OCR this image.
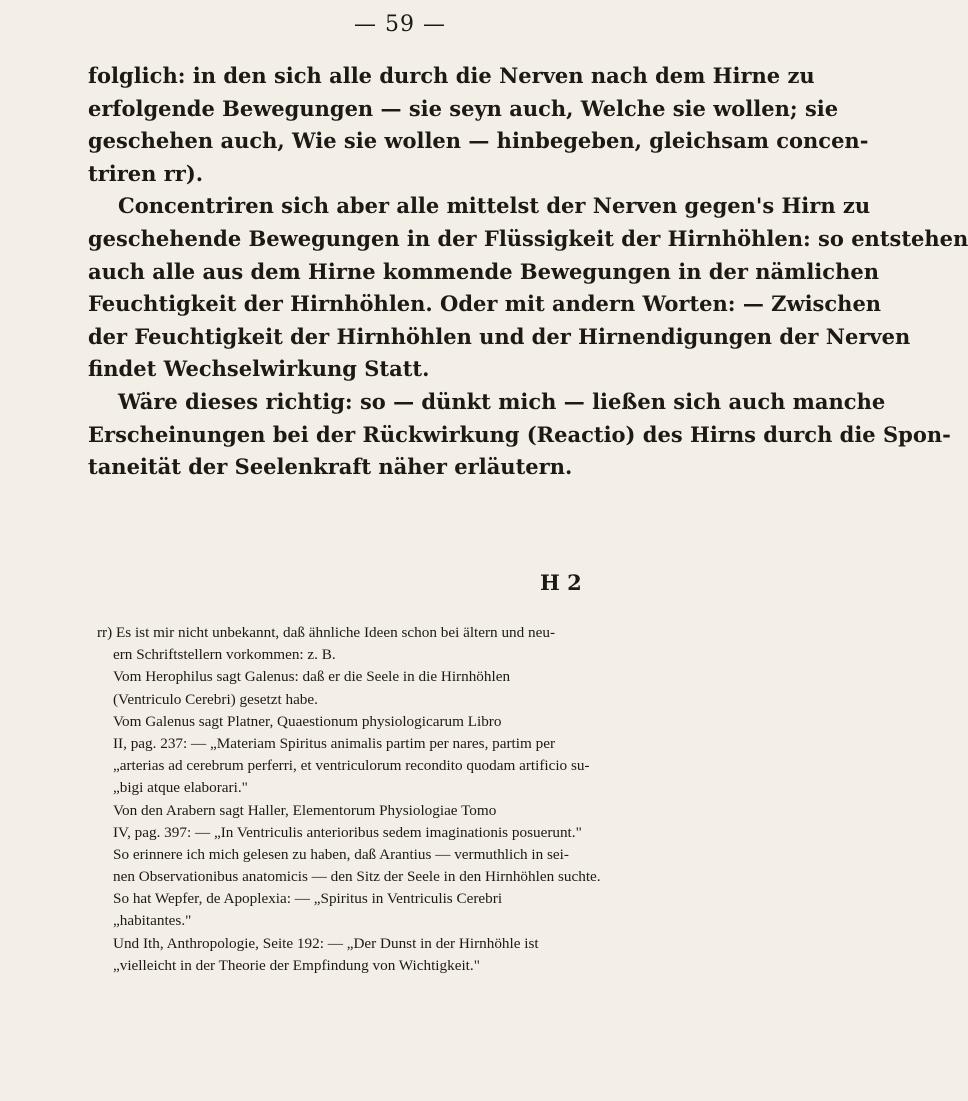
— 59 —
folglich: in den sich alle durch die Nerven nach dem Hirne zu
erfolgende Bewegungen — sie seyn auch, Welche sie wollen; sie
geschehen auch, Wie sie wollen — hinbegeben, gleichsam concen-
triren rr).
Concentriren sich aber alle mittelst der Nerven gegen's Hirn zu
geschehende Bewegungen in der Flüssigkeit der Hirnhöhlen: so entstehen
auch alle aus dem Hirne kommende Bewegungen in der nämlichen
Feuchtigkeit der Hirnhöhlen. Oder mit andern Worten: — Zwischen
der Feuchtigkeit der Hirnhöhlen und der Hirnendigungen der Nerven
findet Wechselwirkung Statt.
Wäre dieses richtig: so — dünkt mich — ließen sich auch manche
Erscheinungen bei der Rückwirkung (Reactio) des Hirns durch die Spon-
taneität der Seelenkraft näher erläutern.
H 2
rr) Es ist mir nicht unbekannt, daß ähnliche Ideen schon bei ältern und neu-
ern Schriftstellern vorkommen: z. B.
Vom Herophilus sagt Galenus: daß er die Seele in die Hirnhöhlen
(Ventriculo Cerebri) gesetzt habe.
Vom Galenus sagt Platner, Quaestionum physiologicarum Libro
II, pag. 237: — „Materiam Spiritus animalis partim per nares, partim per
„arterias ad cerebrum perferri, et ventriculorum recondito quodam artificio su-
„bigi atque elaborari."
Von den Arabern sagt Haller, Elementorum Physiologiae Tomo
IV, pag. 397: — „In Ventriculis anterioribus sedem imaginationis posuerunt."
So erinnere ich mich gelesen zu haben, daß Arantius — vermuthlich in sei-
nen Observationibus anatomicis — den Sitz der Seele in den Hirnhöhlen suchte.
So hat Wepfer, de Apoplexia: — „Spiritus in Ventriculis Cerebri
„habitantes."
Und Ith, Anthropologie, Seite 192: — „Der Dunst in der Hirnhöhle ist
„vielleicht in der Theorie der Empfindung von Wichtigkeit."
